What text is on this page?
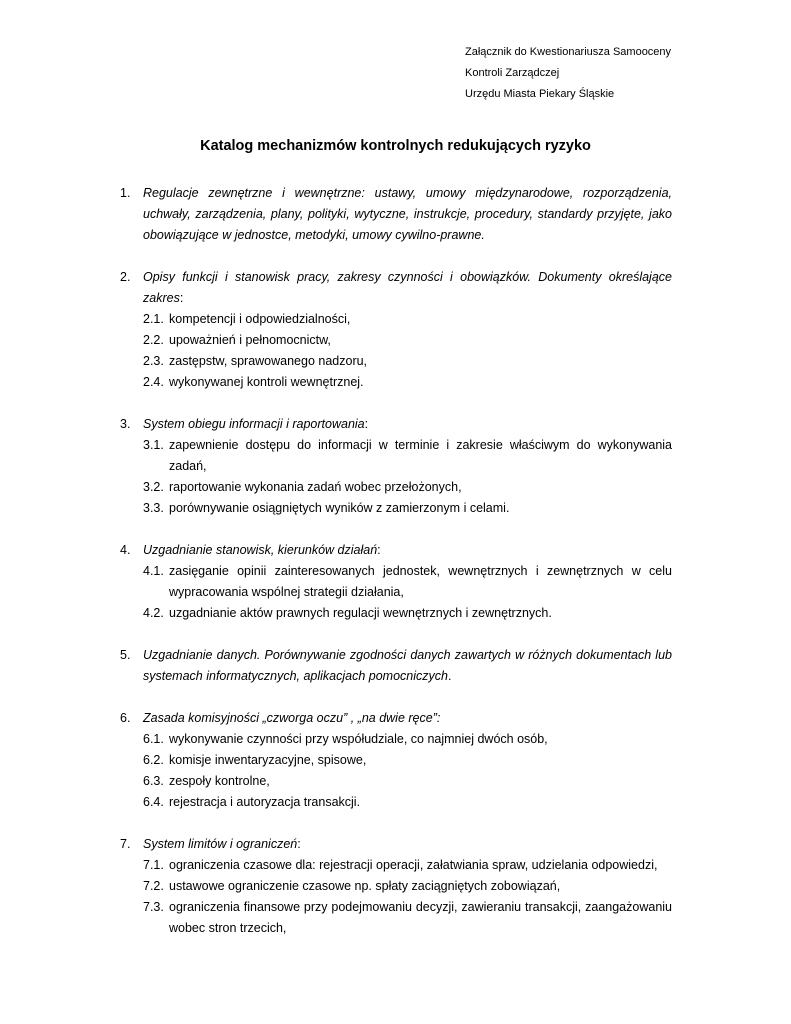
Załącznik do Kwestionariusza Samooceny
Kontroli Zarządczej
Urzędu Miasta Piekary Śląskie
Katalog mechanizmów kontrolnych redukujących ryzyko
1. Regulacje zewnętrzne i wewnętrzne: ustawy, umowy międzynarodowe, rozporządzenia, uchwały, zarządzenia, plany, polityki, wytyczne, instrukcje, procedury, standardy przyjęte, jako obowiązujące w jednostce, metodyki, umowy cywilno-prawne.
2. Opisy funkcji i stanowisk pracy, zakresy czynności i obowiązków. Dokumenty określające zakres:
2.1. kompetencji i odpowiedzialności,
2.2. upoważnień i pełnomocnictw,
2.3. zastępstw, sprawowanego nadzoru,
2.4. wykonywanej kontroli wewnętrznej.
3. System obiegu informacji i raportowania:
3.1. zapewnienie dostępu do informacji w terminie i zakresie właściwym do wykonywania zadań,
3.2. raportowanie wykonania zadań wobec przełożonych,
3.3. porównywanie osiągniętych wyników z zamierzonym i celami.
4. Uzgadnianie stanowisk, kierunków działań:
4.1. zasięganie opinii zainteresowanych jednostek, wewnętrznych i zewnętrznych w celu wypracowania wspólnej strategii działania,
4.2. uzgadnianie aktów prawnych regulacji wewnętrznych i zewnętrznych.
5. Uzgadnianie danych. Porównywanie zgodności danych zawartych w różnych dokumentach lub systemach informatycznych, aplikacjach pomocniczych.
6. Zasada komisyjności „czworga oczu” , „na dwie ręce”:
6.1. wykonywanie czynności przy współudziale, co najmniej dwóch osób,
6.2. komisje inwentaryzacyjne, spisowe,
6.3. zespoły kontrolne,
6.4. rejestracja i autoryzacja transakcji.
7. System limitów i ograniczeń:
7.1. ograniczenia czasowe dla: rejestracji operacji, załatwiania spraw, udzielania odpowiedzi,
7.2. ustawowe ograniczenie czasowe np. spłaty zaciągniętych zobowiązań,
7.3. ograniczenia finansowe przy podejmowaniu decyzji, zawieraniu transakcji, zaangażowaniu wobec stron trzecich,
